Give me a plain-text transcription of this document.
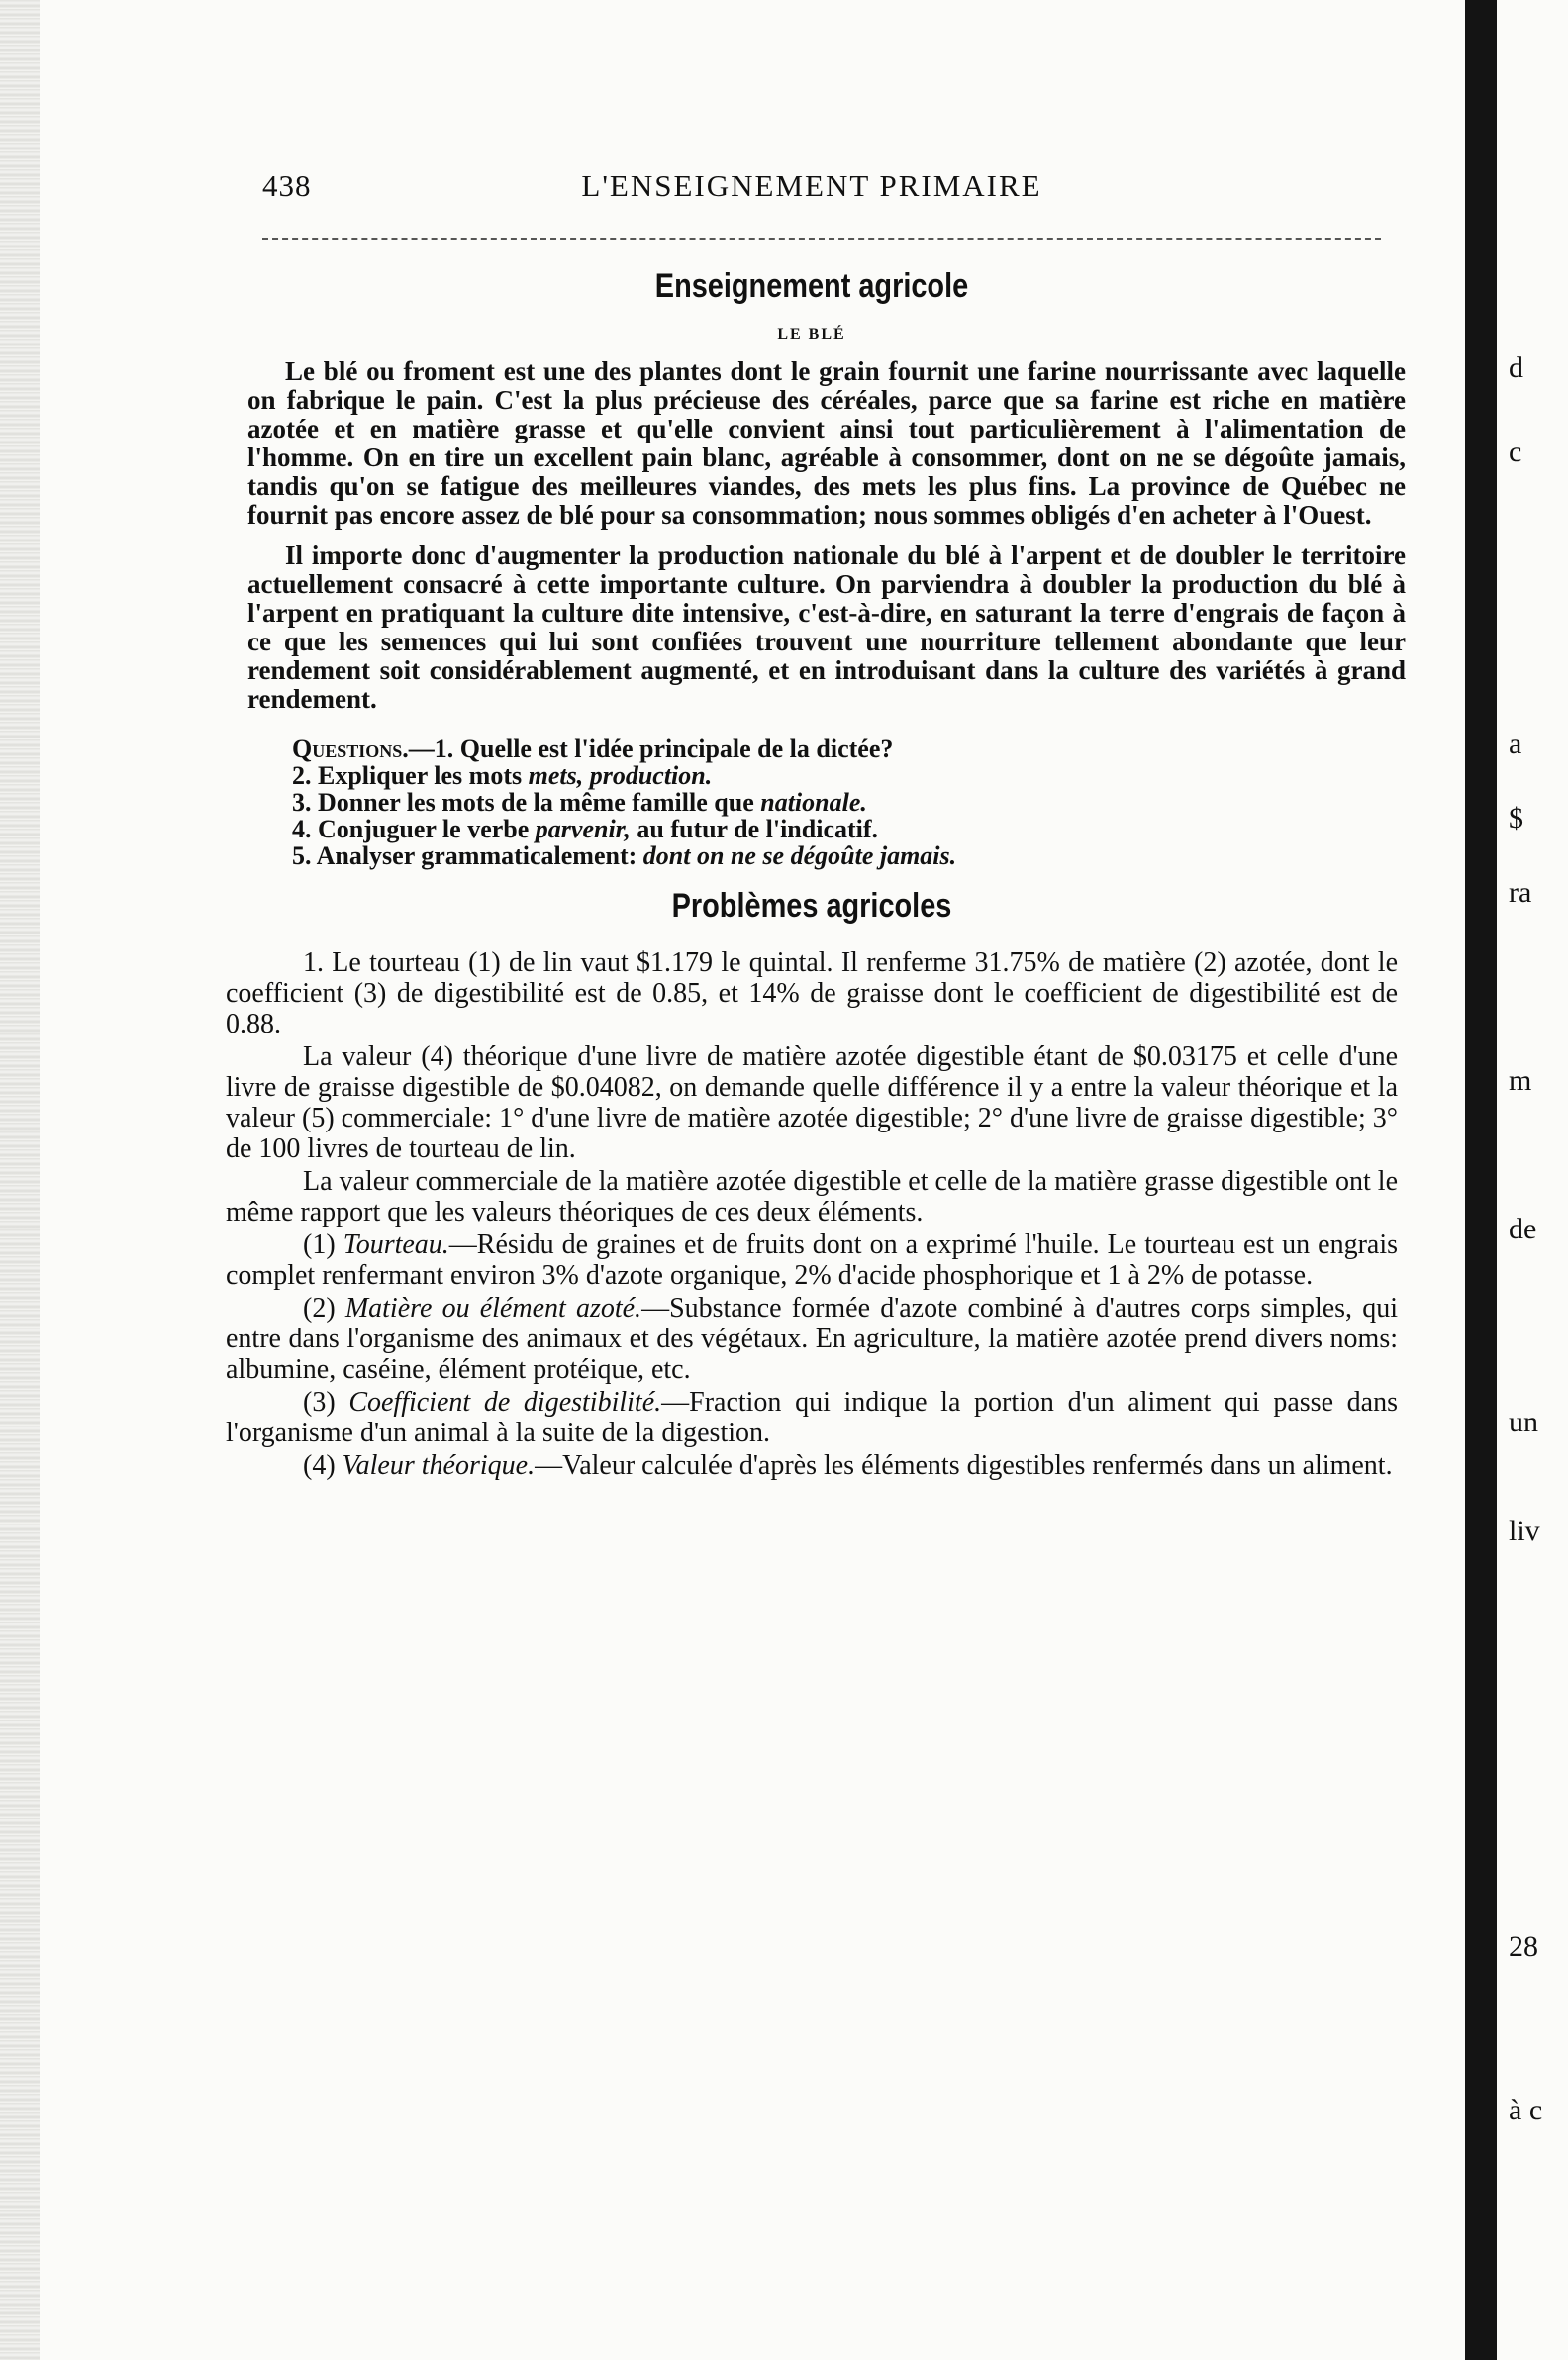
438	L'ENSEIGNEMENT PRIMAIRE
Enseignement agricole
LE BLÉ

Le blé ou froment est une des plantes dont le grain fournit une farine nourrissante avec laquelle on fabrique le pain. C'est la plus précieuse des céréales, parce que sa farine est riche en matière azotée et en matière grasse et qu'elle convient ainsi tout particulièrement à l'alimentation de l'homme. On en tire un excellent pain blanc, agréable à consommer, dont on ne se dégoûte jamais, tandis qu'on se fatigue des meilleures viandes, des mets les plus fins. La province de Québec ne fournit pas encore assez de blé pour sa consommation; nous sommes obligés d'en acheter à l'Ouest.

Il importe donc d'augmenter la production nationale du blé à l'arpent et de doubler le territoire actuellement consacré à cette importante culture. On parviendra à doubler la production du blé à l'arpent en pratiquant la culture dite intensive, c'est-à-dire, en saturant la terre d'engrais de façon à ce que les semences qui lui sont confiées trouvent une nourriture tellement abondante que leur rendement soit considérablement augmenté, et en introduisant dans la culture des variétés à grand rendement.

Questions.—1. Quelle est l'idée principale de la dictée?

2. Expliquer les mots mets, production.

3. Donner les mots de la même famille que nationale.

4. Conjuguer le verbe parvenir, au futur de l'indicatif.

5. Analyser grammaticalement: dont on ne se dégoûte jamais.

Problèmes agricoles

1. Le tourteau (1) de lin vaut $1.179 le quintal. Il renferme 31.75% de matière (2) azotée, dont le coefficient (3) de digestibilité est de 0.85, et 14% de graisse dont le coefficient de digestibilité est de 0.88.

La valeur (4) théorique d'une livre de matière azotée digestible étant de $0.03175 et celle d'une livre de graisse digestible de $0.04082, on demande quelle différence il y a entre la valeur théorique et la valeur (5) commerciale: 1° d'une livre de matière azotée digestible; 2° d'une livre de graisse digestible; 3° de 100 livres de tourteau de lin.

La valeur commerciale de la matière azotée digestible et celle de la matière grasse digestible ont le même rapport que les valeurs théoriques de ces deux éléments.

(1) Tourteau.—Résidu de graines et de fruits dont on a exprimé l'huile. Le tourteau est un engrais complet renfermant environ 3% d'azote organique, 2% d'acide phosphorique et 1 à 2% de potasse.

(2) Matière ou élément azoté.—Substance formée d'azote combiné à d'autres corps simples, qui entre dans l'organisme des animaux et des végétaux. En agriculture, la matière azotée prend divers noms: albumine, caséine, élément protéique, etc.

(3) Coefficient de digestibilité.—Fraction qui indique la portion d'un aliment qui passe dans l'organisme d'un animal à la suite de la digestion.

(4) Valeur théorique.—Valeur calculée d'après les éléments digestibles renfermés dans un aliment.

d
c
a
$
ra
m
de
un
liv
28
à c
